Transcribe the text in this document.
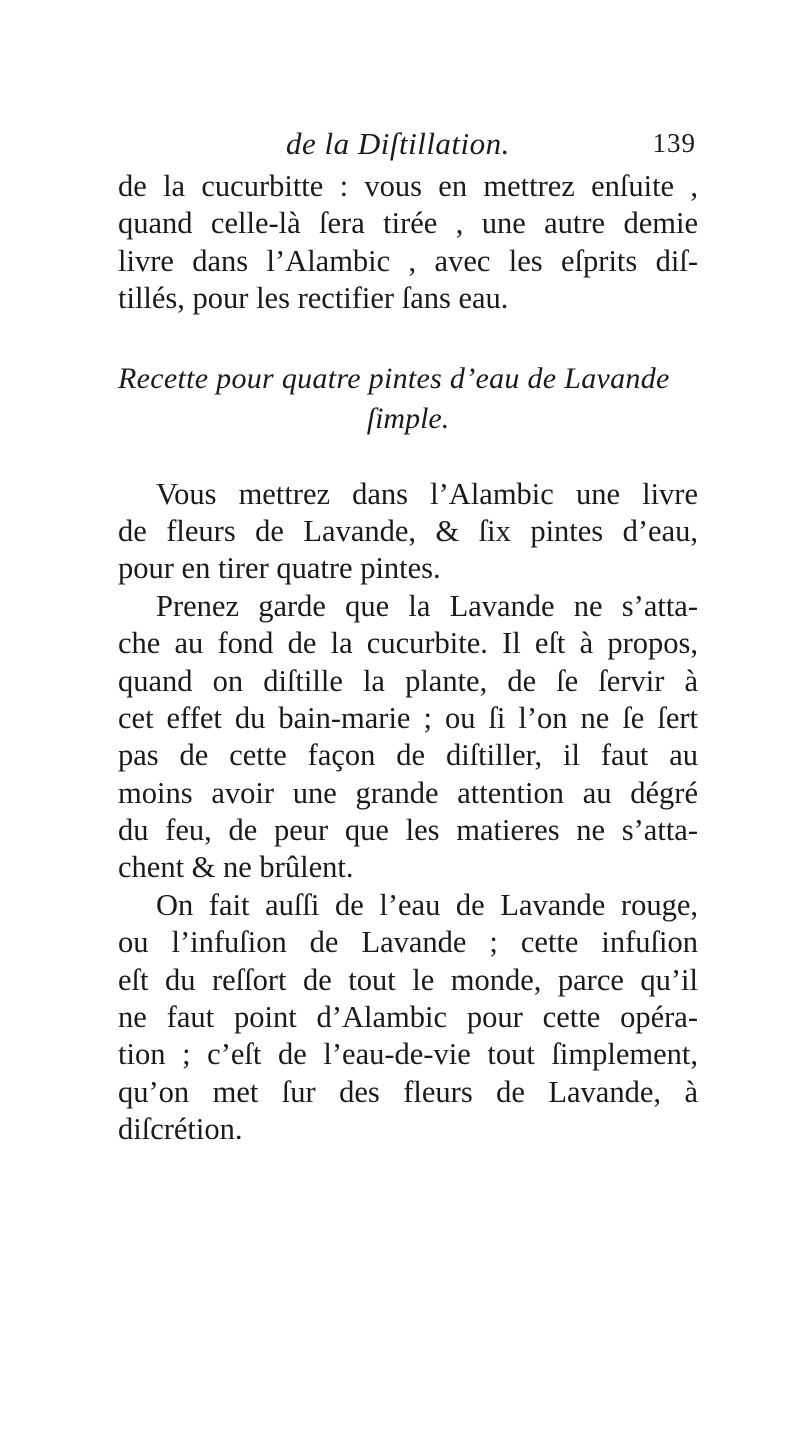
de la Diſtillation.	139
de la cucurbitte : vous en mettrez enſuite ,
quand celle-là ſera tirée , une autre demie
livre dans l’Alambic , avec les eſprits diſ-
tillés, pour les rectifier ſans eau.
Recette pour quatre pintes d’eau de Lavande
ſimple.
Vous mettrez dans l’Alambic une livre
de fleurs de Lavande, & ſix pintes d’eau,
pour en tirer quatre pintes.
Prenez garde que la Lavande ne s’atta-
che au fond de la cucurbite. Il eſt à propos,
quand on diſtille la plante, de ſe ſervir à
cet effet du bain-marie ; ou ſi l’on ne ſe ſert
pas de cette façon de diſtiller, il faut au
moins avoir une grande attention au dégré
du feu, de peur que les matieres ne s’atta-
chent & ne brûlent.
On fait auſſi de l’eau de Lavande rouge,
ou l’infuſion de Lavande ; cette infuſion
eſt du reſſort de tout le monde, parce qu’il
ne faut point d’Alambic pour cette opéra-
tion ; c’eſt de l’eau-de-vie tout ſimplement,
qu’on met ſur des fleurs de Lavande, à
diſcrétion.
